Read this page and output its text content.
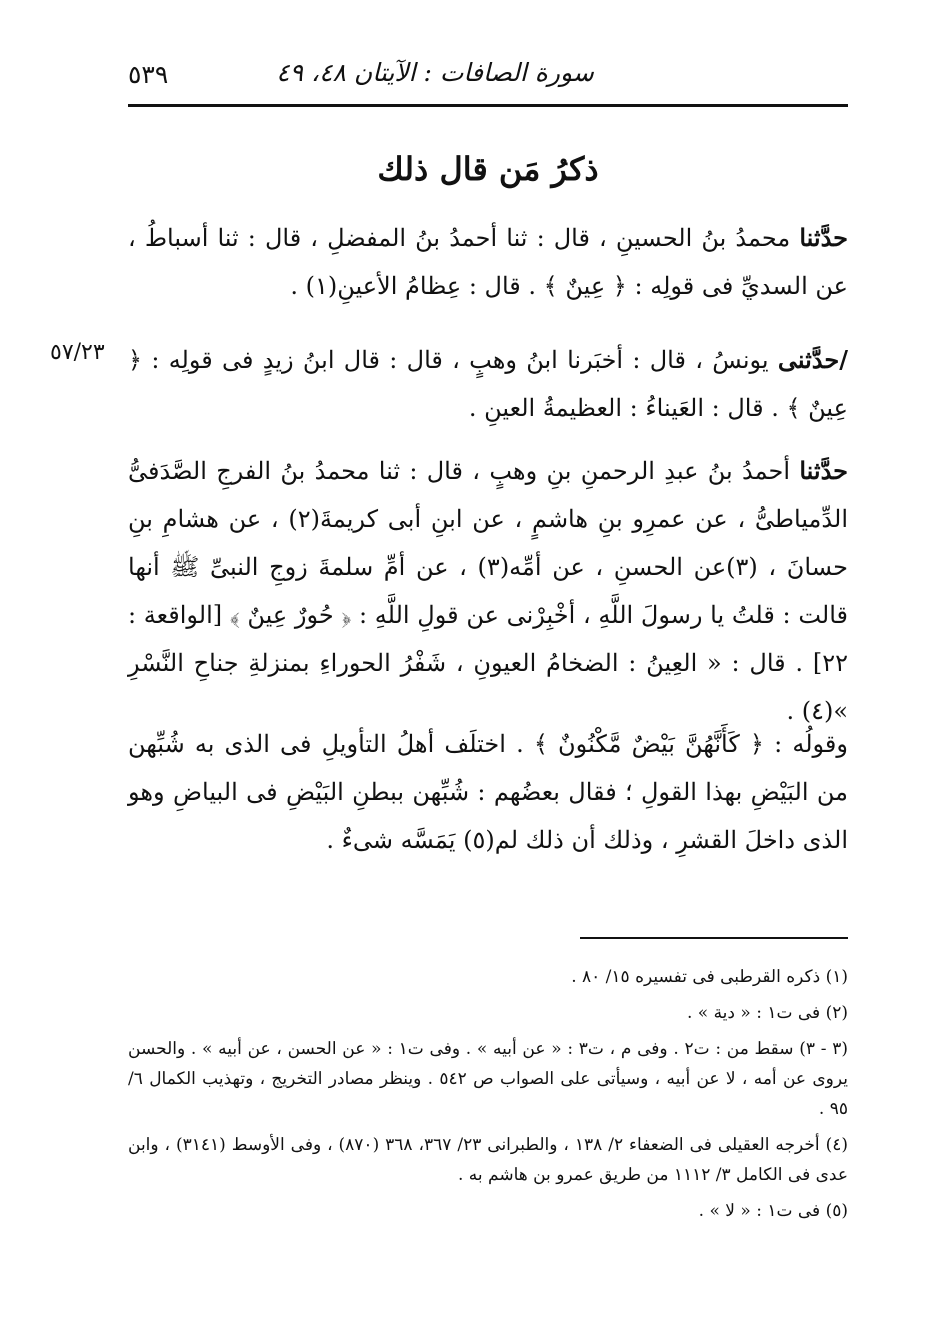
سورة الصافات : الآيتان ٤٨، ٤٩
٥٣٩
ذكرُ مَن قال ذلك
حدَّثنا محمدُ بنُ الحسينِ ، قال : ثنا أحمدُ بنُ المفضلِ ، قال : ثنا أسباطُ ، عن السديِّ فى قولِه : ﴿ عِينٌ ﴾ . قال : عِظامُ الأعينِ(١) .
٥٧/٢٣	/حدَّثنى يونسُ ، قال : أخبَرنا ابنُ وهبٍ ، قال : قال ابنُ زيدٍ فى قولِه : ﴿ عِينٌ ﴾ . قال : العَيناءُ : العظيمةُ العينِ .
حدَّثنا أحمدُ بنُ عبدِ الرحمنِ بنِ وهبٍ ، قال : ثنا محمدُ بنُ الفرجِ الصَّدَفىُّ الدِّمياطىُّ ، عن عمرِو بنِ هاشمٍ ، عن ابنِ أبى كريمةَ(٢) ، عن هشامِ بنِ حسانَ ، (٣)عن الحسنِ ، عن أمِّه(٣) ، عن أمِّ سلمةَ زوجِ النبىِّ ﷺ أنها قالت : قلتُ يا رسولَ اللَّهِ ، أخْبِرْنى عن قولِ اللَّهِ : ﴿ حُورٌ عِينٌ ﴾ [الواقعة : ٢٢] . قال : « العِينُ : الضخامُ العيونِ ، شَفْرُ الحوراءِ بمنزلةِ جناحِ النَّسْرِ »(٤) .
وقولُه : ﴿ كَأَنَّهُنَّ بَيْضٌ مَّكْنُونٌ ﴾ . اختلَف أهلُ التأويلِ فى الذى به شُبِّهن من البَيْضِ بهذا القولِ ؛ فقال بعضُهم : شُبِّهن ببطنِ البَيْضِ فى البياضِ وهو الذى داخلَ القشرِ ، وذلك أن ذلك لم(٥) يَمَسَّه شىءٌ .
(١) ذكره القرطبى فى تفسيره ١٥/ ٨٠ .
(٢) فى ت١ : « دية » .
(٣ - ٣) سقط من : ت٢ . وفى م ، ت٣ : « عن أبيه » . وفى ت١ : « عن الحسن ، عن أبيه » . والحسن يروى عن أمه ، لا عن أبيه ، وسيأتى على الصواب ص ٥٤٢ . وينظر مصادر التخريج ، وتهذيب الكمال ٦/ ٩٥ .
(٤) أخرجه العقيلى فى الضعفاء ٢/ ١٣٨ ، والطبرانى ٢٣/ ٣٦٧، ٣٦٨ (٨٧٠) ، وفى الأوسط (٣١٤١) ، وابن عدى فى الكامل ٣/ ١١١٢ من طريق عمرو بن هاشم به .
(٥) فى ت١ : « لا » .
